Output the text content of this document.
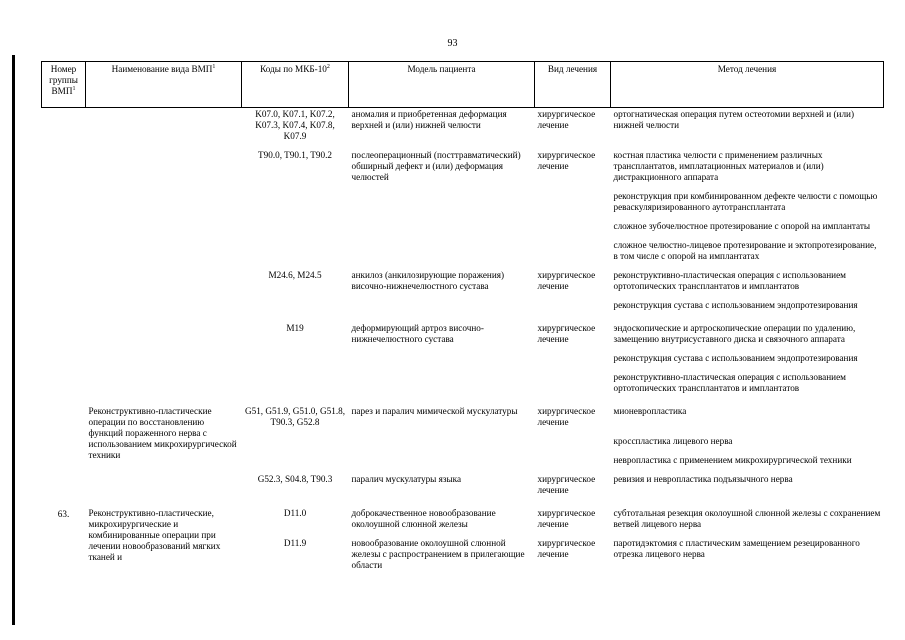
93
Номер группы ВМП$^1$	Наименование вида ВМП$^1$	Коды по МКБ-$10^2$	Модель пациента	Вид лечения	Метод лечения
		K07.0, K07.1, K07.2, K07.3, K07.4, K07.8, K07.9	аномалия и приобретенная деформация верхней и (или) нижней челюсти	хирургическое лечение	ортогнатическая операция путем остеотомии верхней и (или) нижней челюсти

		T90.0, T90.1, T90.2	послеоперационный (посттравматический) обширный дефект и (или) деформация челюстей	хирургическое лечение	костная пластика челюсти с применением различных трансплантатов, имплатационных материалов и (или) дистракционного аппарата

					реконструкция при комбинированном дефекте челюсти с помощью реваскуляризированного аутотрансплантата

					сложное зубочелюстное протезирование с опорой на имплантаты

					сложное челюстно-лицевое протезирование и эктопротезирование, в том числе с опорой на имплантатах

		M24.6, M24.5	анкилоз (анкилозирующие поражения) височно-нижнечелюстного сустава	хирургическое лечение	реконструктивно-пластическая операция с использованием ортотопических трансплантатов и имплантатов

					реконструкция сустава с использованием эндопротезирования

		M19	деформирующий артроз височно-нижнечелюстного сустава	хирургическое лечение	эндоскопические и артроскопические операции по удалению, замещению внутрисуставного диска и связочного аппарата

					реконструкция сустава с использованием эндопротезирования

					реконструктивно-пластическая операция с использованием ортотопических трансплантатов и имплантатов

	Реконструктивно-пластические операции по восстановлению функций пораженного нерва с использованием микрохирургической техники	G51, G51.9, G51.0, G51.8, T90.3, G52.8	парез и паралич мимической мускулатуры	хирургическое лечение	мионевропластика

					кросспластика лицевого нерва

					невропластика с применением микрохирургической техники

		G52.3, S04.8, T90.3	паралич мускулатуры языка	хирургическое лечение	ревизия и невропластика подъязычного нерва

63.	Реконструктивно-пластические, микрохирургические и комбинированные операции при лечении новообразований мягких тканей и	D11.0	доброкачественное новообразование околоушной слюнной железы	хирургическое лечение	субтотальная резекция околоушной слюнной железы с сохранением ветвей лицевого нерва

		D11.9	новообразование околоушной слюнной железы с распространением в прилегающие области	хирургическое лечение	паротидэктомия с пластическим замещением резецированного отрезка лицевого нерва
